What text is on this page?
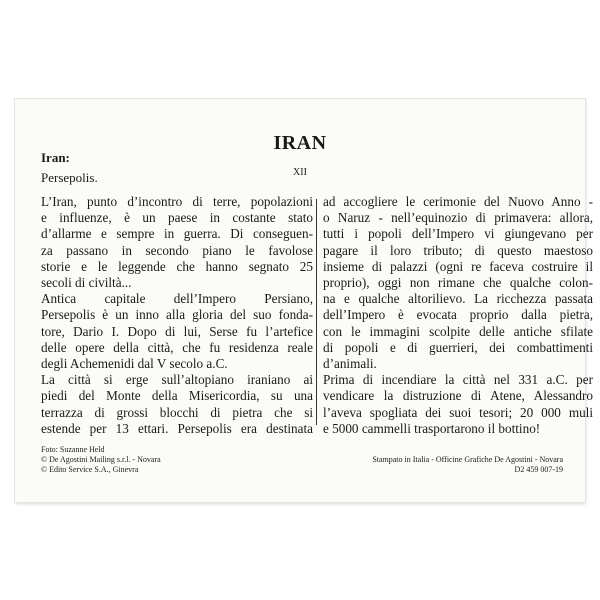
IRAN
Iran:
Persepolis.	XII
L’Iran, punto d’incontro di terre, popolazioni
e influenze, è un paese in costante stato
d’allarme e sempre in guerra. Di conseguen-
za passano in secondo piano le favolose
storie e le leggende che hanno segnato 25
secoli di civiltà...
Antica capitale dell’Impero Persiano,
Persepolis è un inno alla gloria del suo fonda-
tore, Dario I. Dopo di lui, Serse fu l’artefice
delle opere della città, che fu residenza reale
degli Achemenidi dal V secolo a.C.
La città si erge sull’altopiano iraniano ai
piedi del Monte della Misericordia, su una
terrazza di grossi blocchi di pietra che si
estende per 13 ettari. Persepolis era destinata
ad accogliere le cerimonie del Nuovo Anno -
o Naruz - nell’equinozio di primavera: allora,
tutti i popoli dell’Impero vi giungevano per
pagare il loro tributo; di questo maestoso
insieme di palazzi (ogni re faceva costruire il
proprio), oggi non rimane che qualche colon-
na e qualche altorilievo. La ricchezza passata
dell’Impero è evocata proprio dalla pietra,
con le immagini scolpite delle antiche sfilate
di popoli e di guerrieri, dei combattimenti
d’animali.
Prima di incendiare la città nel 331 a.C. per
vendicare la distruzione di Atene, Alessandro
l’aveva spogliata dei suoi tesori; 20 000 muli
e 5000 cammelli trasportarono il bottino!
Foto: Suzanne Held
© De Agostini Mailing s.r.l. - Novara
© Edito Service S.A., Ginevra
Stampato in Italia - Officine Grafiche De Agostini - Novara
D2 459 007-19
